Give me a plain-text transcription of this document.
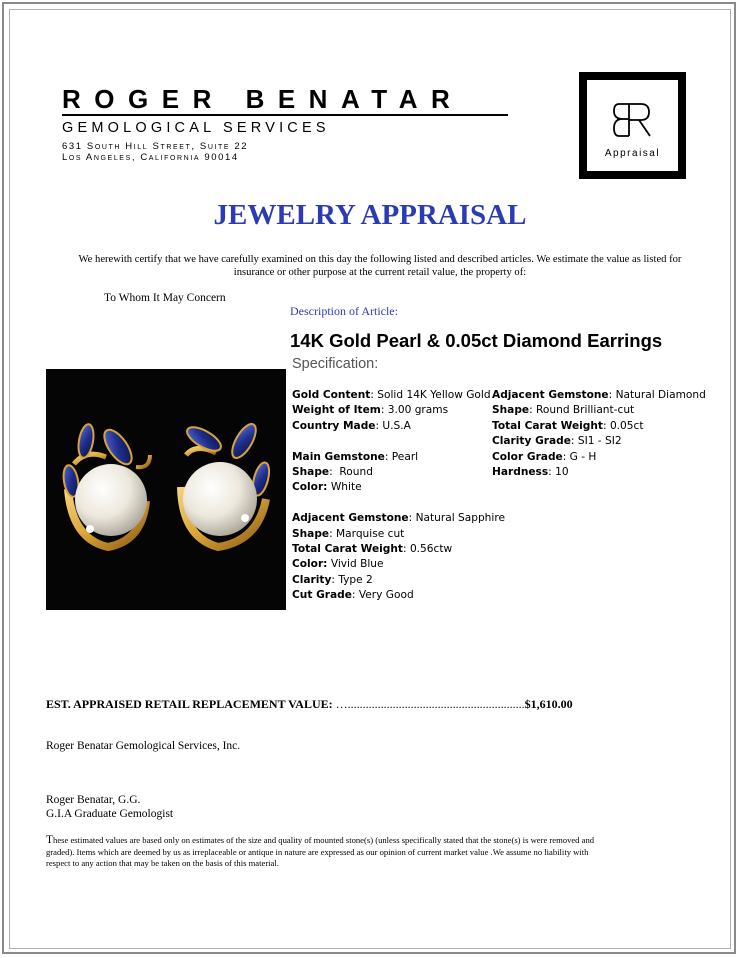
ROGER BENATAR
GEMOLOGICAL SERVICES
631 South Hill Street, Suite 22
Los Angeles, California 90014	Appraisal
JEWELRY APPRAISAL
We herewith certify that we have carefully examined on this day the following listed and described articles. We estimate the value as listed for insurance or other purpose at the current retail value, the property of:
To Whom It May Concern
Description of Article:
14K Gold Pearl & 0.05ct Diamond Earrings
Specification:
Gold Content: Solid 14K Yellow Gold
Weight of Item: 3.00 grams
Country Made: U.S.A
Main Gemstone: Pearl
Shape:  Round
Color: White
Adjacent Gemstone: Natural Sapphire
Shape: Marquise cut
Total Carat Weight: 0.56ctw
Color: Vivid Blue
Clarity: Type 2
Cut Grade: Very Good
Adjacent Gemstone: Natural Diamond
Shape: Round Brilliant-cut
Total Carat Weight: 0.05ct
Clarity Grade: SI1 - SI2
Color Grade: G - H
Hardness: 10
EST. APPRAISED RETAIL REPLACEMENT VALUE: …...........................................................$1,610.00
Roger Benatar Gemological Services, Inc.
Roger Benatar, G.G.
G.I.A Graduate Gemologist
These estimated values are based only on estimates of the size and quality of mounted stone(s) (unless specifically stated that the stone(s) is were removed and graded). Items which are deemed by us as irreplaceable or antique in nature are expressed as our opinion of current market value .We assume no liability with respect to any action that may be taken on the basis of this material.
